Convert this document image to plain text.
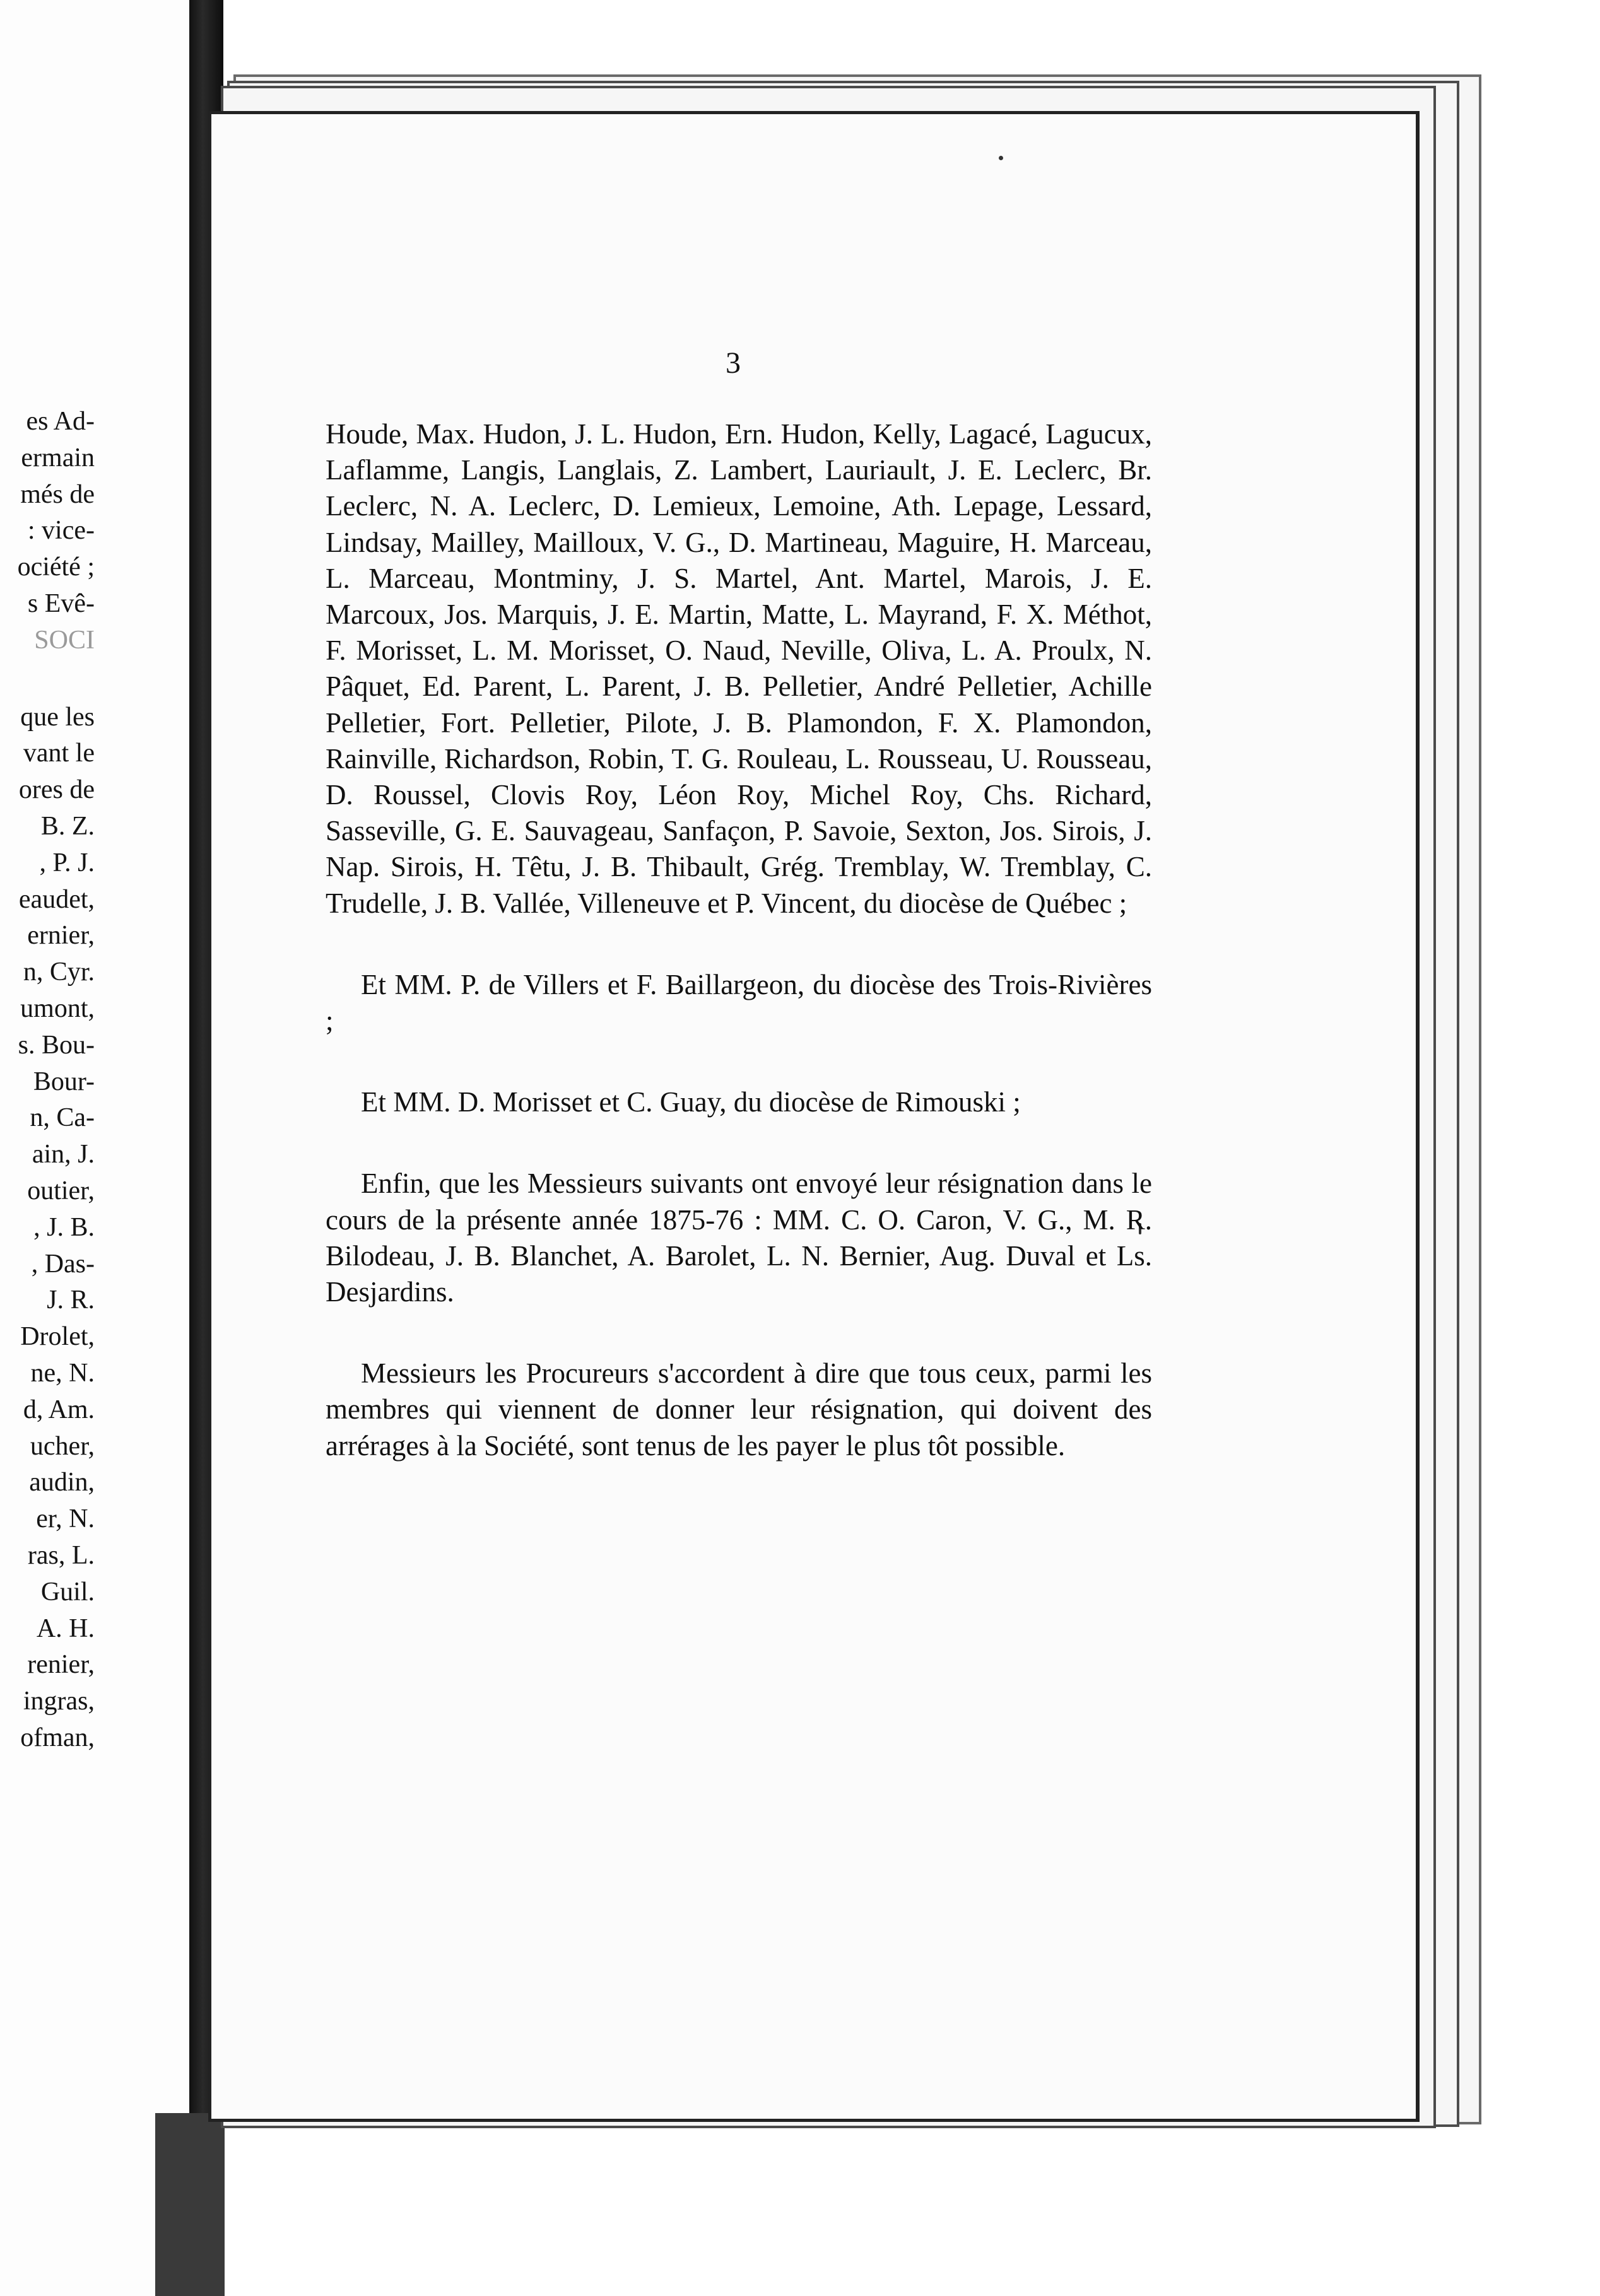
es Ad-
ermain
més de
: vice-
ociété ;
s Evê-
SOCI
que les
vant le
ores de
B. Z.
, P. J.
eaudet,
ernier,
n, Cyr.
umont,
s. Bou-
Bour-
n, Ca-
ain, J.
outier,
, J. B.
, Das-
J. R.
Drolet,
ne, N.
d, Am.
ucher,
audin,
er, N.
ras, L.
Guil.
A. H.
renier,
ingras,
ofman,
3

Houde, Max. Hudon, J. L. Hudon, Ern. Hudon, Kelly, Lagacé, Lagucux, Laflamme, Langis, Langlais, Z. Lambert, Lauriault, J. E. Leclerc, Br. Leclerc, N. A. Leclerc, D. Lemieux, Lemoine, Ath. Lepage, Lessard, Lindsay, Mailley, Mailloux, V. G., D. Martineau, Maguire, H. Marceau, L. Marceau, Montminy, J. S. Martel, Ant. Martel, Marois, J. E. Marcoux, Jos. Marquis, J. E. Martin, Matte, L. Mayrand, F. X. Méthot, F. Morisset, L. M. Morisset, O. Naud, Neville, Oliva, L. A. Proulx, N. Pâquet, Ed. Parent, L. Parent, J. B. Pelletier, André Pelletier, Achille Pelletier, Fort. Pelletier, Pilote, J. B. Plamondon, F. X. Plamondon, Rainville, Richardson, Robin, T. G. Rouleau, L. Rousseau, U. Rousseau, D. Roussel, Clovis Roy, Léon Roy, Michel Roy, Chs. Richard, Sasseville, G. E. Sauvageau, Sanfaçon, P. Savoie, Sexton, Jos. Sirois, J. Nap. Sirois, H. Têtu, J. B. Thibault, Grég. Tremblay, W. Tremblay, C. Trudelle, J. B. Vallée, Villeneuve et P. Vincent, du diocèse de Québec ;

Et MM. P. de Villers et F. Baillargeon, du diocèse des Trois-Rivières ;

Et MM. D. Morisset et C. Guay, du diocèse de Rimouski ;

Enfin, que les Messieurs suivants ont envoyé leur résignation dans le cours de la présente année 1875-76 : MM. C. O. Caron, V. G., M. R. Bilodeau, J. B. Blanchet, A. Barolet, L. N. Bernier, Aug. Duval et Ls. Desjardins.

Messieurs les Procureurs s'accordent à dire que tous ceux, parmi les membres qui viennent de donner leur résignation, qui doivent des arrérages à la Société, sont tenus de les payer le plus tôt possible.
